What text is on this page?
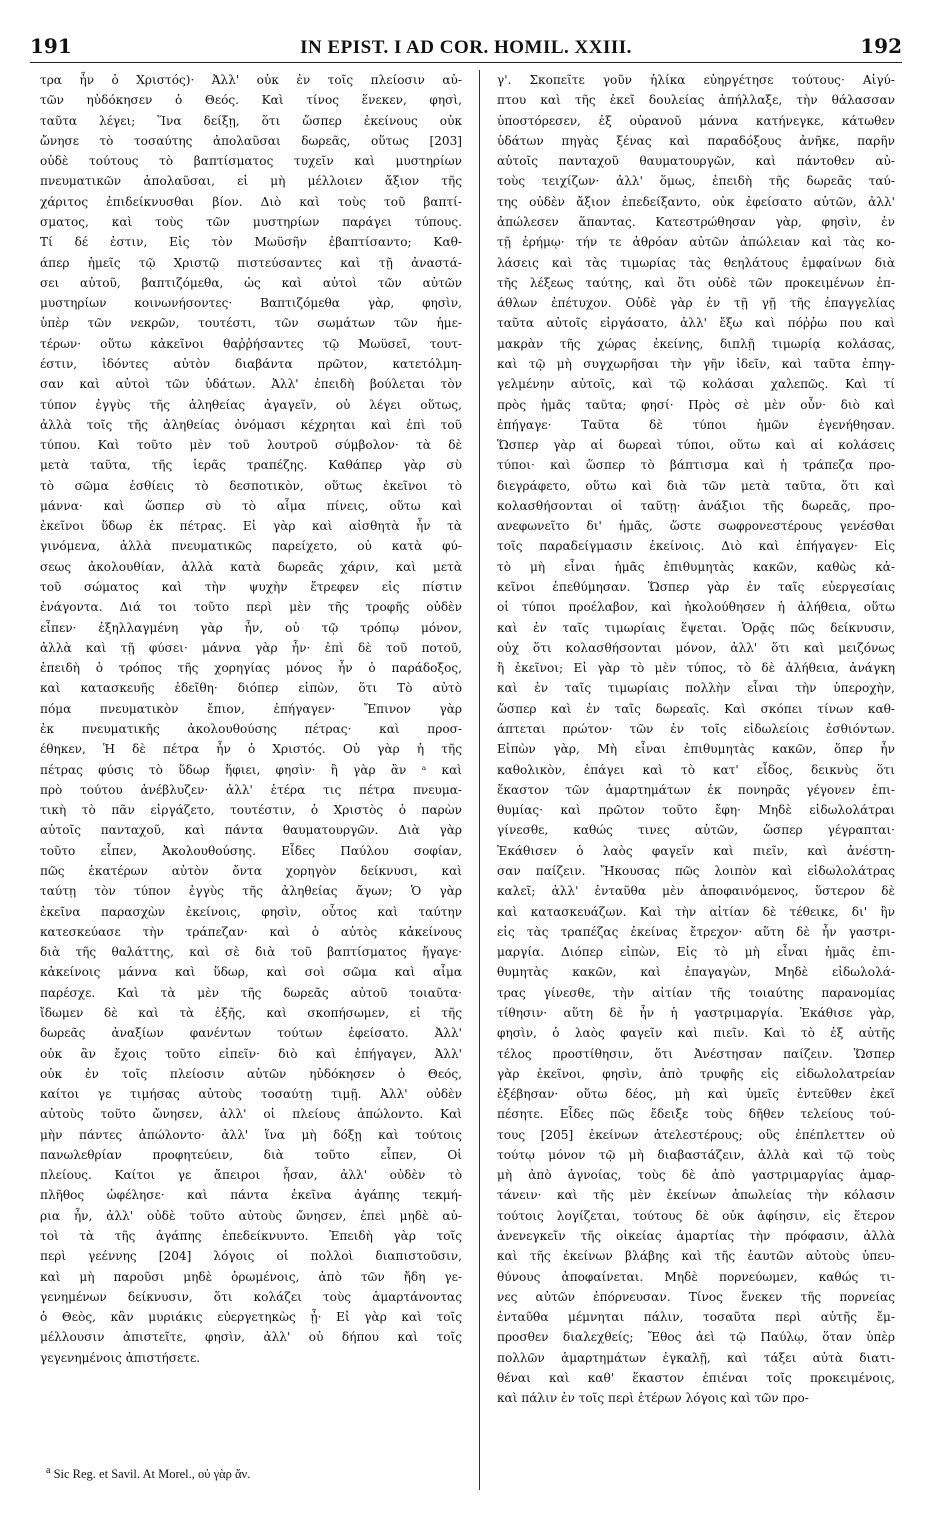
191	IN EPIST. I AD COR. HOMIL. XXIII.	192
τρα ἦν ὁ Χριστός)· Ἀλλ' οὐκ ἐν τοῖς πλείοσιν αὐ-
τῶν ηὐδόκησεν ὁ Θεός. Καὶ τίνος ἕνεκεν, φησὶ,
ταῦτα λέγει; Ἵνα δείξῃ, ὅτι ὥσπερ ἐκείνους οὐκ
ὤνησε τὸ τοσαύτης ἀπολαῦσαι δωρεᾶς, οὕτως [203]
οὐδὲ τούτους τὸ βαπτίσματος τυχεῖν καὶ μυστηρίων
πνευματικῶν ἀπολαῦσαι, εἰ μὴ μέλλοιεν ἄξιον τῆς
χάριτος ἐπιδείκνυσθαι βίον. Διὸ καὶ τοὺς τοῦ βαπτί-
σματος, καὶ τοὺς τῶν μυστηρίων παράγει τύπους.
Τί δέ ἐστιν, Εἰς τὸν Μωϋσῆν ἐβαπτίσαντο; Καθ-
άπερ ἡμεῖς τῷ Χριστῷ πιστεύσαντες καὶ τῇ ἀναστά-
σει αὐτοῦ, βαπτιζόμεθα, ὡς καὶ αὐτοὶ τῶν αὐτῶν
μυστηρίων κοινωνήσοντες· Βαπτιζόμεθα γὰρ, φησὶν,
ὑπὲρ τῶν νεκρῶν, τουτέστι, τῶν σωμάτων τῶν ἡμε-
τέρων· οὕτω κἀκεῖνοι θαῤῥήσαντες τῷ Μωϋσεῖ, τουτ-
έστιν, ἰδόντες αὐτὸν διαβάντα πρῶτον, κατετόλμη-
σαν καὶ αὐτοὶ τῶν ὑδάτων. Ἀλλ' ἐπειδὴ βούλεται τὸν
τύπον ἐγγὺς τῆς ἀληθείας ἀγαγεῖν, οὐ λέγει οὕτως,
ἀλλὰ τοῖς τῆς ἀληθείας ὀνόμασι κέχρηται καὶ ἐπὶ τοῦ
τύπου. Καὶ τοῦτο μὲν τοῦ λουτροῦ σύμβολον· τὰ δὲ
μετὰ ταῦτα, τῆς ἱερᾶς τραπέζης. Καθάπερ γὰρ σὺ
τὸ σῶμα ἐσθίεις τὸ δεσποτικὸν, οὕτως ἐκεῖνοι τὸ
μάννα· καὶ ὥσπερ σὺ τὸ αἷμα πίνεις, οὕτω καὶ
ἐκεῖνοι ὕδωρ ἐκ πέτρας. Εἰ γὰρ καὶ αἰσθητὰ ἦν τὰ
γινόμενα, ἀλλὰ πνευματικῶς παρείχετο, οὐ κατὰ φύ-
σεως ἀκολουθίαν, ἀλλὰ κατὰ δωρεᾶς χάριν, καὶ μετὰ
τοῦ σώματος καὶ τὴν ψυχὴν ἔτρεφεν εἰς πίστιν
ἐνάγοντα. Διά τοι τοῦτο περὶ μὲν τῆς τροφῆς οὐδὲν
εἶπεν· ἐξηλλαγμένη γὰρ ἦν, οὐ τῷ τρόπῳ μόνον,
ἀλλὰ καὶ τῇ φύσει· μάννα γὰρ ἦν· ἐπὶ δὲ τοῦ ποτοῦ,
ἐπειδὴ ὁ τρόπος τῆς χορηγίας μόνος ἦν ὁ παράδοξος,
καὶ κατασκευῆς ἐδεῖθη· διόπερ εἰπὼν, ὅτι Τὸ αὐτὸ
πόμα πνευματικὸν ἔπιον, ἐπήγαγεν· Ἔπινον γὰρ
ἐκ πνευματικῆς ἀκολουθούσης πέτρας· καὶ προσ-
έθηκεν, Ἡ δὲ πέτρα ἦν ὁ Χριστός. Οὐ γὰρ ἡ τῆς
πέτρας φύσις τὸ ὕδωρ ἥφιει, φησὶν· ἢ γὰρ ἂν ᵃ καὶ
πρὸ τούτου ἀνέβλυζεν· ἀλλ' ἑτέρα τις πέτρα πνευμα-
τικὴ τὸ πᾶν εἰργάζετο, τουτέστιν, ὁ Χριστὸς ὁ παρὼν
αὐτοῖς πανταχοῦ, καὶ πάντα θαυματουργῶν. Διὰ γὰρ
τοῦτο εἶπεν, Ἀκολουθούσης. Εἶδες Παύλου σοφίαν,
πῶς ἑκατέρων αὐτὸν ὄντα χορηγὸν δείκνυσι, καὶ
ταύτῃ τὸν τύπον ἐγγὺς τῆς ἀληθείας ἄγων; Ὁ γὰρ
ἐκεῖνα παρασχὼν ἐκείνοις, φησὶν, οὗτος καὶ ταύτην
κατεσκεύασε τὴν τράπεζαν· καὶ ὁ αὐτὸς κἀκείνους
διὰ τῆς θαλάττης, καὶ σὲ διὰ τοῦ βαπτίσματος ἤγαγε·
κἀκείνοις μάννα καὶ ὕδωρ, καὶ σοὶ σῶμα καὶ αἷμα
παρέσχε. Καὶ τὰ μὲν τῆς δωρεᾶς αὐτοῦ τοιαῦτα·
ἴδωμεν δὲ καὶ τὰ ἑξῆς, καὶ σκοπήσωμεν, εἰ τῆς
δωρεᾶς ἀναξίων φανέντων τούτων ἐφείσατο. Ἀλλ'
οὐκ ἂν ἔχοις τοῦτο εἰπεῖν· διὸ καὶ ἐπήγαγεν, Ἀλλ'
οὐκ ἐν τοῖς πλείοσιν αὐτῶν ηὐδόκησεν ὁ Θεός,
καίτοι γε τιμήσας αὐτοὺς τοσαύτῃ τιμῇ. Ἀλλ' οὐδὲν
αὐτοὺς τοῦτο ὤνησεν, ἀλλ' οἱ πλείους ἀπώλοντο. Καὶ
μὴν πάντες ἀπώλοντο· ἀλλ' ἵνα μὴ δόξῃ καὶ τούτοις
πανωλεθρίαν προφητεύειν, διὰ τοῦτο εἶπεν, Οἱ
πλείους. Καίτοι γε ἄπειροι ἦσαν, ἀλλ' οὐδὲν τὸ
πλῆθος ὠφέλησε· καὶ πάντα ἐκεῖνα ἀγάπης τεκμή-
ρια ἦν, ἀλλ' οὐδὲ τοῦτο αὐτοὺς ὤνησεν, ἐπεὶ μηδὲ αὐ-
τοὶ τὰ τῆς ἀγάπης ἐπεδείκνυντο. Ἐπειδὴ γὰρ τοῖς
περὶ γεέννης [204] λόγοις οἱ πολλοὶ διαπιστοῦσιν,
καὶ μὴ παροῦσι μηδὲ ὁρωμένοις, ἀπὸ τῶν ἤδη γε-
γενημένων δείκνυσιν, ὅτι κολάζει τοὺς ἁμαρτάνοντας
ὁ Θεὸς, κἂν μυριάκις εὐεργετηκὼς ᾖ· Εἰ γὰρ καὶ τοῖς
μέλλουσιν ἀπιστεῖτε, φησὶν, ἀλλ' οὐ δήπου καὶ τοῖς
γεγενημένοις ἀπιστήσετε.
γ'. Σκοπεῖτε γοῦν ἡλίκα εὐηργέτησε τούτους· Αἰγύ-
πτου καὶ τῆς ἐκεῖ δουλείας ἀπήλλαξε, τὴν θάλασσαν
ὑποστόρεσεν, ἐξ οὐρανοῦ μάννα κατήνεγκε, κάτωθεν
ὑδάτων πηγὰς ξένας καὶ παραδόξους ἀνῆκε, παρῆν
αὐτοῖς πανταχοῦ θαυματουργῶν, καὶ πάντοθεν αὐ-
τοὺς τειχίζων· ἀλλ' ὅμως, ἐπειδὴ τῆς δωρεᾶς ταύ-
της οὐδὲν ἄξιον ἐπεδείξαντο, οὐκ ἐφείσατο αὐτῶν, ἀλλ'
ἀπώλεσεν ἅπαντας. Κατεστρώθησαν γὰρ, φησὶν, ἐν
τῇ ἐρήμῳ· τήν τε ἀθρόαν αὐτῶν ἀπώλειαν καὶ τὰς κο-
λάσεις καὶ τὰς τιμωρίας τὰς θεηλάτους ἐμφαίνων διὰ
τῆς λέξεως ταύτης, καὶ ὅτι οὐδὲ τῶν προκειμένων ἐπ-
άθλων ἐπέτυχον. Οὐδὲ γὰρ ἐν τῇ γῇ τῆς ἐπαγγελίας
ταῦτα αὐτοῖς εἰργάσατο, ἀλλ' ἔξω καὶ πόῤῥω που καὶ
μακρὰν τῆς χώρας ἐκείνης, διπλῇ τιμωρίᾳ κολάσας,
καὶ τῷ μὴ συγχωρῆσαι τὴν γῆν ἰδεῖν, καὶ ταῦτα ἐπηγ-
γελμένην αὐτοῖς, καὶ τῷ κολάσαι χαλεπῶς. Καὶ τί
πρὸς ἡμᾶς ταῦτα; φησί· Πρὸς σὲ μὲν οὖν· διὸ καὶ
ἐπήγαγε· Ταῦτα δὲ τύποι ἡμῶν ἐγενήθησαν.
Ὥσπερ γὰρ αἱ δωρεαὶ τύποι, οὕτω καὶ αἱ κολάσεις
τύποι· καὶ ὥσπερ τὸ βάπτισμα καὶ ἡ τράπεζα προ-
διεγράφετο, οὕτω καὶ διὰ τῶν μετὰ ταῦτα, ὅτι καὶ
κολασθήσονται οἱ ταῦτῃ· ἀνάξιοι τῆς δωρεᾶς, προ-
ανεφωνεῖτο δι' ἡμᾶς, ὥστε σωφρονεστέρους γενέσθαι
τοῖς παραδείγμασιν ἐκείνοις. Διὸ καὶ ἐπήγαγεν· Εἰς
τὸ μὴ εἶναι ἡμᾶς ἐπιθυμητὰς κακῶν, καθὼς κἀ-
κεῖνοι ἐπεθύμησαν. Ὥσπερ γὰρ ἐν ταῖς εὐεργεσίαις
οἱ τύποι προέλαβον, καὶ ἠκολούθησεν ἡ ἀλήθεια, οὕτω
καὶ ἐν ταῖς τιμωρίαις ἕψεται. Ὁρᾷς πῶς δείκνυσιν,
οὐχ ὅτι κολασθήσονται μόνον, ἀλλ' ὅτι καὶ μειζόνως
ἢ ἐκεῖνοι; Εἰ γὰρ τὸ μὲν τύπος, τὸ δὲ ἀλήθεια, ἀνάγκη
καὶ ἐν ταῖς τιμωρίαις πολλὴν εἶναι τὴν ὑπεροχὴν,
ὥσπερ καὶ ἐν ταῖς δωρεαῖς. Καὶ σκόπει τίνων καθ-
άπτεται πρώτον· τῶν ἐν τοῖς εἰδωλείοις ἐσθιόντων.
Εἰπὼν γὰρ, Μὴ εἶναι ἐπιθυμητὰς κακῶν, ὅπερ ἦν
καθολικὸν, ἐπάγει καὶ τὸ κατ' εἶδος, δεικνὺς ὅτι
ἕκαστον τῶν ἁμαρτημάτων ἐκ πονηρᾶς γέγονεν ἐπι-
θυμίας· καὶ πρῶτον τοῦτο ἔφη· Μηδὲ εἰδωλολάτραι
γίνεσθε, καθώς τινες αὐτῶν, ὥσπερ γέγραπται·
Ἐκάθισεν ὁ λαὸς φαγεῖν καὶ πιεῖν, καὶ ἀνέστη-
σαν παίζειν. Ἤκουσας πῶς λοιπὸν καὶ εἰδωλολάτρας
καλεῖ; ἀλλ' ἐνταῦθα μὲν ἀποφαινόμενος, ὕστερον δὲ
καὶ κατασκευάζων. Καὶ τὴν αἰτίαν δὲ τέθεικε, δι' ἣν
εἰς τὰς τραπέζας ἐκείνας ἔτρεχον· αὕτη δὲ ἦν γαστρι-
μαργία. Διόπερ εἰπὼν, Εἰς τὸ μὴ εἶναι ἡμᾶς ἐπι-
θυμητὰς κακῶν, καὶ ἐπαγαγὼν, Μηδὲ εἰδωλολά-
τρας γίνεσθε, τὴν αἰτίαν τῆς τοιαύτης παρανομίας
τίθησιν· αὕτη δὲ ἦν ἡ γαστριμαργία. Ἐκάθισε γὰρ,
φησὶν, ὁ λαὸς φαγεῖν καὶ πιεῖν. Καὶ τὸ ἐξ αὐτῆς
τέλος προστίθησιν, ὅτι Ἀνέστησαν παίζειν. Ὥσπερ
γὰρ ἐκεῖνοι, φησὶν, ἀπὸ τρυφῆς εἰς εἰδωλολατρείαν
ἐξέβησαν· οὕτω δέος, μὴ καὶ ὑμεῖς ἐντεῦθεν ἐκεῖ
πέσητε. Εἶδες πῶς ἔδειξε τοὺς δῆθεν τελείους τού-
τους [205] ἐκείνων ἀτελεστέρους; οὓς ἐπέπλεττεν οὐ
τούτῳ μόνον τῷ μὴ διαβαστάζειν, ἀλλὰ καὶ τῷ τοὺς
μὴ ἀπὸ ἀγνοίας, τοὺς δὲ ἀπὸ γαστριμαργίας ἁμαρ-
τάνειν· καὶ τῆς μὲν ἐκείνων ἀπωλείας τὴν κόλασιν
τούτοις λογίζεται, τούτους δὲ οὐκ ἀφίησιν, εἰς ἕτερον
ἀνενεγκεῖν τῆς οἰκείας ἁμαρτίας τὴν πρόφασιν, ἀλλὰ
καὶ τῆς ἐκείνων βλάβης καὶ τῆς ἑαυτῶν αὐτοὺς ὑπευ-
θύνους ἀποφαίνεται. Μηδὲ πορνεύωμεν, καθώς τι-
νες αὐτῶν ἐπόρνευσαν. Τίνος ἕνεκεν τῆς πορνείας
ἐνταῦθα μέμνηται πάλιν, τοσαῦτα περὶ αὐτῆς ἔμ-
προσθεν διαλεχθείς; Ἔθος ἀεὶ τῷ Παύλῳ, ὅταν ὑπὲρ
πολλῶν ἁμαρτημάτων ἐγκαλῇ, καὶ τάξει αὐτὰ διατι-
θέναι καὶ καθ' ἕκαστον ἐπιέναι τοῖς προκειμένοις,
καὶ πάλιν ἐν τοῖς περὶ ἑτέρων λόγοις καὶ τῶν προ-
$^a$ Sic Reg. et Savil. At Morel., οὐ γὰρ ἄν.
